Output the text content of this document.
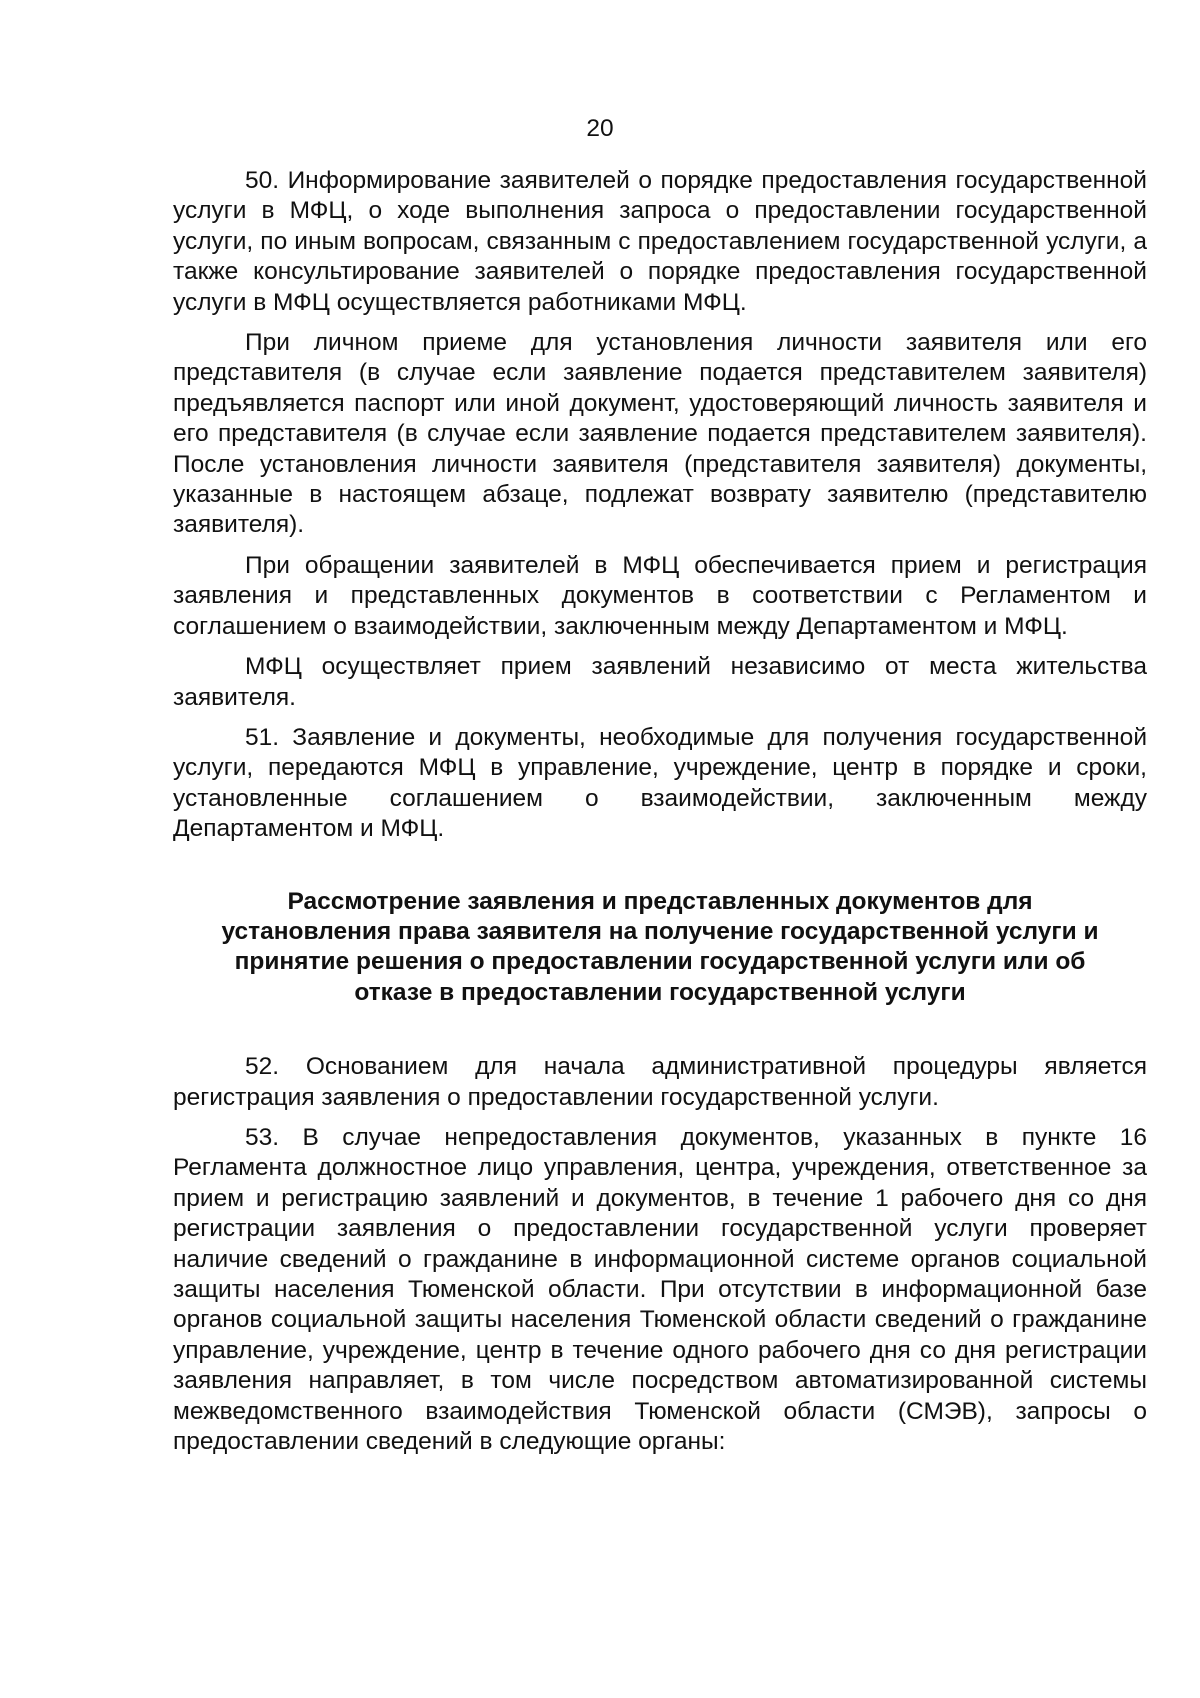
20

50. Информирование заявителей о порядке предоставления государственной услуги в МФЦ, о ходе выполнения запроса о предоставлении государственной услуги, по иным вопросам, связанным с предоставлением государственной услуги, а также консультирование заявителей о порядке предоставления государственной услуги в МФЦ осуществляется работниками МФЦ.

При личном приеме для установления личности заявителя или его представителя (в случае если заявление подается представителем заявителя) предъявляется паспорт или иной документ, удостоверяющий личность заявителя и его представителя (в случае если заявление подается представителем заявителя). После установления личности заявителя (представителя заявителя) документы, указанные в настоящем абзаце, подлежат возврату заявителю (представителю заявителя).

При обращении заявителей в МФЦ обеспечивается прием и регистрация заявления и представленных документов в соответствии с Регламентом и соглашением о взаимодействии, заключенным между Департаментом и МФЦ.

МФЦ осуществляет прием заявлений независимо от места жительства заявителя.

51. Заявление и документы, необходимые для получения государственной услуги, передаются МФЦ в управление, учреждение, центр в порядке и сроки, установленные соглашением о взаимодействии, заключенным между Департаментом и МФЦ.

Рассмотрение заявления и представленных документов для установления права заявителя на получение государственной услуги и принятие решения о предоставлении государственной услуги или об отказе в предоставлении государственной услуги

52. Основанием для начала административной процедуры является регистрация заявления о предоставлении государственной услуги.

53. В случае непредоставления документов, указанных в пункте 16 Регламента должностное лицо управления, центра, учреждения, ответственное за прием и регистрацию заявлений и документов, в течение 1 рабочего дня со дня регистрации заявления о предоставлении государственной услуги проверяет наличие сведений о гражданине в информационной системе органов социальной защиты населения Тюменской области. При отсутствии в информационной базе органов социальной защиты населения Тюменской области сведений о гражданине управление, учреждение, центр в течение одного рабочего дня со дня регистрации заявления направляет, в том числе посредством автоматизированной системы межведомственного взаимодействия Тюменской области (СМЭВ), запросы о предоставлении сведений в следующие органы:
